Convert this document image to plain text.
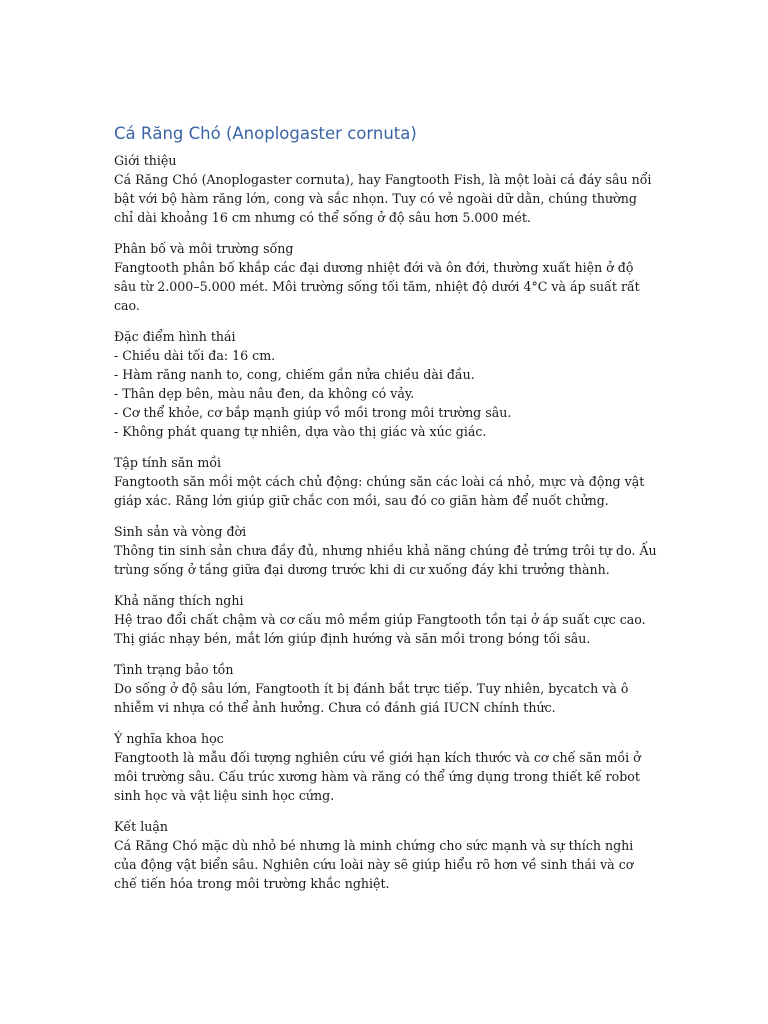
Cá Răng Chó (Anoplogaster cornuta)

Giới thiệu

Cá Răng Chó (Anoplogaster cornuta), hay Fangtooth Fish, là một loài cá đáy sâu nổi bật với bộ hàm răng lớn, cong và sắc nhọn. Tuy có vẻ ngoài dữ dằn, chúng thường chỉ dài khoảng 16 cm nhưng có thể sống ở độ sâu hơn 5.000 mét.

Phân bố và môi trường sống

Fangtooth phân bố khắp các đại dương nhiệt đới và ôn đới, thường xuất hiện ở độ sâu từ 2.000–5.000 mét. Môi trường sống tối tăm, nhiệt độ dưới 4°C và áp suất rất cao.

Đặc điểm hình thái

- Chiều dài tối đa: 16 cm.

- Hàm răng nanh to, cong, chiếm gần nửa chiều dài đầu.

- Thân dẹp bên, màu nâu đen, da không có vảy.

- Cơ thể khỏe, cơ bắp mạnh giúp vồ mồi trong môi trường sâu.

- Không phát quang tự nhiên, dựa vào thị giác và xúc giác.

Tập tính săn mồi

Fangtooth săn mồi một cách chủ động: chúng săn các loài cá nhỏ, mực và động vật giáp xác. Răng lớn giúp giữ chắc con mồi, sau đó co giãn hàm để nuốt chửng.

Sinh sản và vòng đời

Thông tin sinh sản chưa đầy đủ, nhưng nhiều khả năng chúng đẻ trứng trôi tự do. Ấu trùng sống ở tầng giữa đại dương trước khi di cư xuống đáy khi trưởng thành.

Khả năng thích nghi

Hệ trao đổi chất chậm và cơ cấu mô mềm giúp Fangtooth tồn tại ở áp suất cực cao. Thị giác nhạy bén, mắt lớn giúp định hướng và săn mồi trong bóng tối sâu.

Tình trạng bảo tồn

Do sống ở độ sâu lớn, Fangtooth ít bị đánh bắt trực tiếp. Tuy nhiên, bycatch và ô nhiễm vi nhựa có thể ảnh hưởng. Chưa có đánh giá IUCN chính thức.

Ý nghĩa khoa học

Fangtooth là mẫu đối tượng nghiên cứu về giới hạn kích thước và cơ chế săn mồi ở môi trường sâu. Cấu trúc xương hàm và răng có thể ứng dụng trong thiết kế robot sinh học và vật liệu sinh học cứng.

Kết luận

Cá Răng Chó mặc dù nhỏ bé nhưng là minh chứng cho sức mạnh và sự thích nghi của động vật biển sâu. Nghiên cứu loài này sẽ giúp hiểu rõ hơn về sinh thái và cơ chế tiến hóa trong môi trường khắc nghiệt.
